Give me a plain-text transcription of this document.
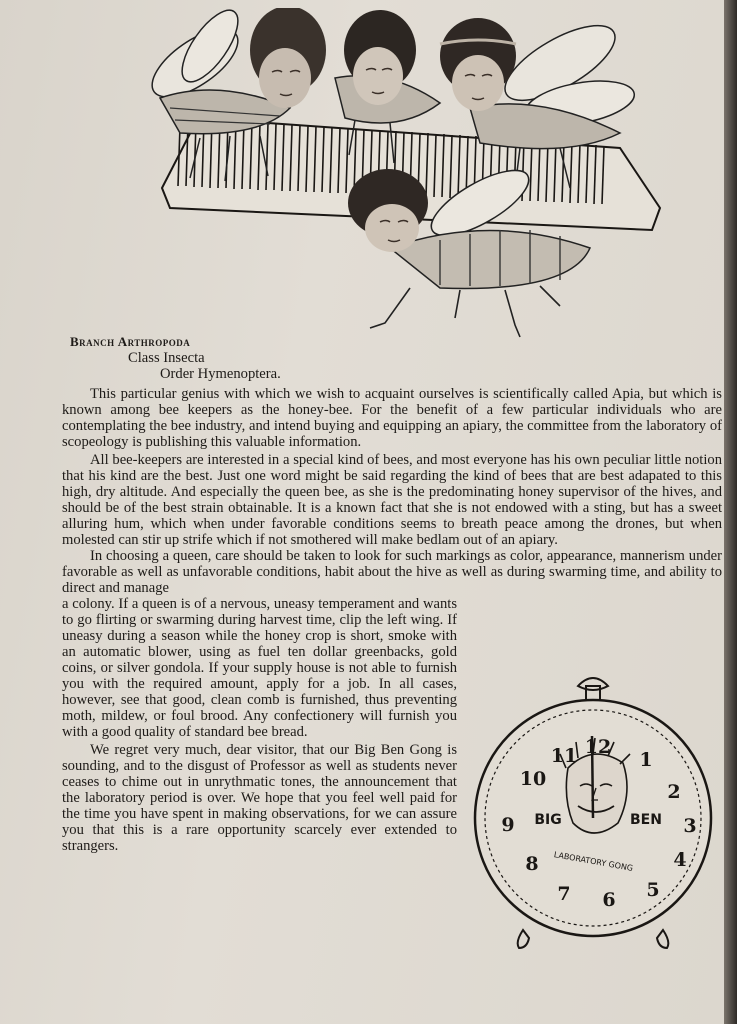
Branch Arthropoda
Class Insecta
Order Hymenoptera.

This particular genius with which we wish to acquaint ourselves is scientifically called Apia, but which is known among bee keepers as the honey-bee. For the benefit of a few particular individuals who are contemplating the bee industry, and intend buying and equipping an apiary, the committee from the laboratory of scopeology is publishing this valuable information.

All bee-keepers are interested in a special kind of bees, and most everyone has his own peculiar little notion that his kind are the best. Just one word might be said regarding the kind of bees that are best adapated to this high, dry altitude. And especially the queen bee, as she is the predominating honey supervisor of the hives, and should be of the best strain obtainable. It is a known fact that she is not endowed with a sting, but has a sweet alluring hum, which when under favorable conditions seems to breath peace among the drones, but when molested can stir up strife which if not smothered will make bedlam out of an apiary.

In choosing a queen, care should be taken to look for such markings as color, appearance, mannerism under favorable as well as unfavorable conditions, habit about the hive as well as during swarming time, and ability to direct and manage

a colony. If a queen is of a nervous, uneasy temperament and wants to go flirting or swarming during harvest time, clip the left wing. If uneasy during a season while the honey crop is short, smoke with an automatic blower, using as fuel ten dollar greenbacks, gold coins, or silver gondola. If your supply house is not able to furnish you with the required amount, apply for a job. In all cases, however, see that good, clean comb is furnished, thus preventing moth, mildew, or foul brood. Any confectionery will furnish you with a good quality of standard bee bread.

We regret very much, dear visitor, that our Big Ben Gong is sounding, and to the disgust of Professor as well as students never ceases to chime out in unrythmatic tones, the announcement that the laboratory period is over. We hope that you feel well paid for the time you have spent in making observations, for we can assure you that this is a rare opportunity scarcely ever extended to strangers.

12
1
2
3
4
5
6
7
8
9
10
11
BIG	BEN
LABORATORY GONG
